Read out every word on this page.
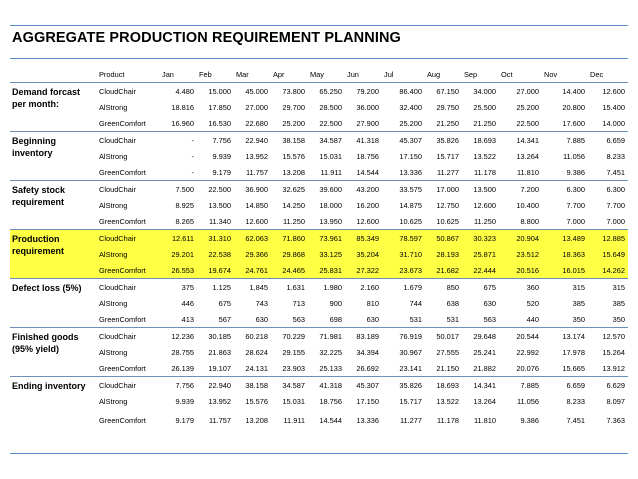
AGGREGATE PRODUCTION REQUIREMENT PLANNING
	Product	Jan	Feb	Mar	Apr	May	Jun	Jul	Aug	Sep	Oct	Nov	Dec
Demand forcast per month:	CloudChair	4.480	15.000	45.000	73.800	65.250	79.200	86.400	67.150	34.000	27.000	14.400	12.600
	AlStrong	18.816	17.850	27.000	29.700	28.500	36.000	32.400	29.750	25.500	25.200	20.800	15.400
	GreenComfort	16.960	16.530	22.680	25.200	22.500	27.900	25.200	21.250	21.250	22.500	17.600	14.000
Beginning inventory	CloudChair	-	7.756	22.940	38.158	34.587	41.318	45.307	35.826	18.693	14.341	7.885	6.659
	AlStrong	-	9.939	13.952	15.576	15.031	18.756	17.150	15.717	13.522	13.264	11.056	8.233
	GreenComfort	-	9.179	11.757	13.208	11.911	14.544	13.336	11.277	11.178	11.810	9.386	7.451
Safety stock requirement	CloudChair	7.500	22.500	36.900	32.625	39.600	43.200	33.575	17.000	13.500	7.200	6.300	6.300
	AlStrong	8.925	13.500	14.850	14.250	18.000	16.200	14.875	12.750	12.600	10.400	7.700	7.700
	GreenComfort	8.265	11.340	12.600	11.250	13.950	12.600	10.625	10.625	11.250	8.800	7.000	7.000
Production requirement	CloudChair	12.611	31.310	62.063	71.860	73.961	85.349	78.597	50.867	30.323	20.904	13.489	12.885
	AlStrong	29.201	22.538	29.366	29.868	33.125	35.204	31.710	28.193	25.871	23.512	18.363	15.649
	GreenComfort	26.553	19.674	24.761	24.465	25.831	27.322	23.673	21.682	22.444	20.516	16.015	14.262
Defect loss (5%)	CloudChair	375	1.125	1.845	1.631	1.980	2.160	1.679	850	675	360	315	315
	AlStrong	446	675	743	713	900	810	744	638	630	520	385	385
	GreenComfort	413	567	630	563	698	630	531	531	563	440	350	350
Finished goods (95% yield)	CloudChair	12.236	30.185	60.218	70.229	71.981	83.189	76.919	50.017	29.648	20.544	13.174	12.570
	AlStrong	28.755	21.863	28.624	29.155	32.225	34.394	30.967	27.555	25.241	22.992	17.978	15.264
	GreenComfort	26.139	19.107	24.131	23.903	25.133	26.692	23.141	21.150	21.882	20.076	15.665	13.912
Ending inventory	CloudChair	7.756	22.940	38.158	34.587	41.318	45.307	35.826	18.693	14.341	7.885	6.659	6.629
	AlStrong	9.939	13.952	15.576	15.031	18.756	17.150	15.717	13.522	13.264	11.056	8.233	8.097
	GreenComfort	9.179	11.757	13.208	11.911	14.544	13.336	11.277	11.178	11.810	9.386	7.451	7.363
